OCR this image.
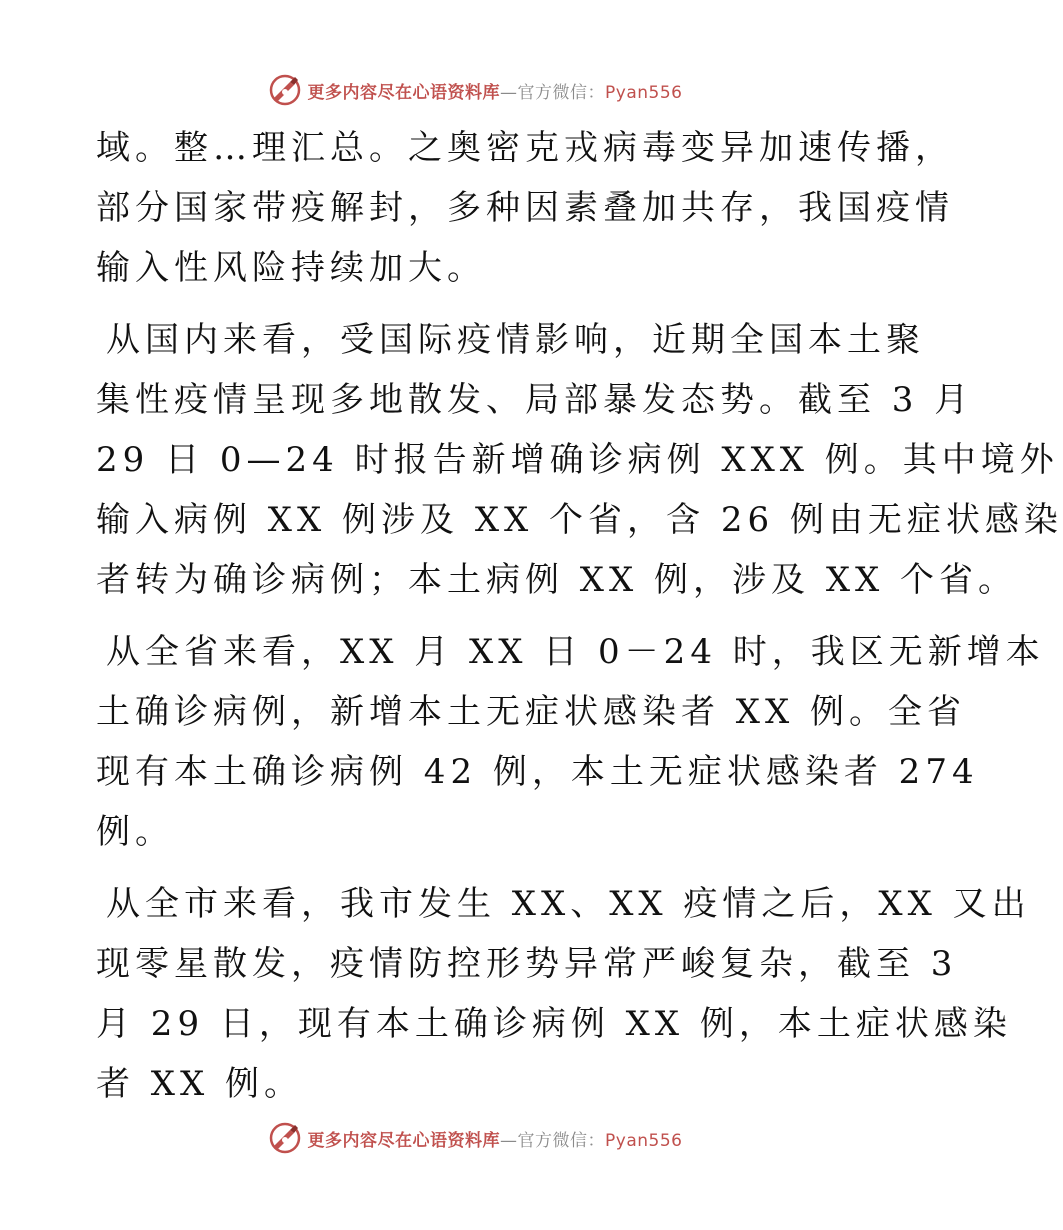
更多内容尽在心语资料库—官方微信：Pyan556
域。整…理汇总。之奥密克戎病毒变异加速传播，
部分国家带疫解封，多种因素叠加共存，我国疫情
输入性风险持续加大。
从国内来看，受国际疫情影响，近期全国本土聚
集性疫情呈现多地散发、局部暴发态势。截至 3 月
29 日 0—24 时报告新增确诊病例 XXX 例。其中境外
输入病例 XX 例涉及 XX 个省，含 26 例由无症状感染
者转为确诊病例；本土病例 XX 例，涉及 XX 个省。
从全省来看，XX 月 XX 日 0－24 时，我区无新增本
土确诊病例，新增本土无症状感染者 XX 例。全省
现有本土确诊病例 42 例，本土无症状感染者 274
例。
从全市来看，我市发生 XX、XX 疫情之后，XX 又出
现零星散发，疫情防控形势异常严峻复杂，截至 3
月 29 日，现有本土确诊病例 XX 例，本土症状感染
者 XX 例。
更多内容尽在心语资料库—官方微信：Pyan556
